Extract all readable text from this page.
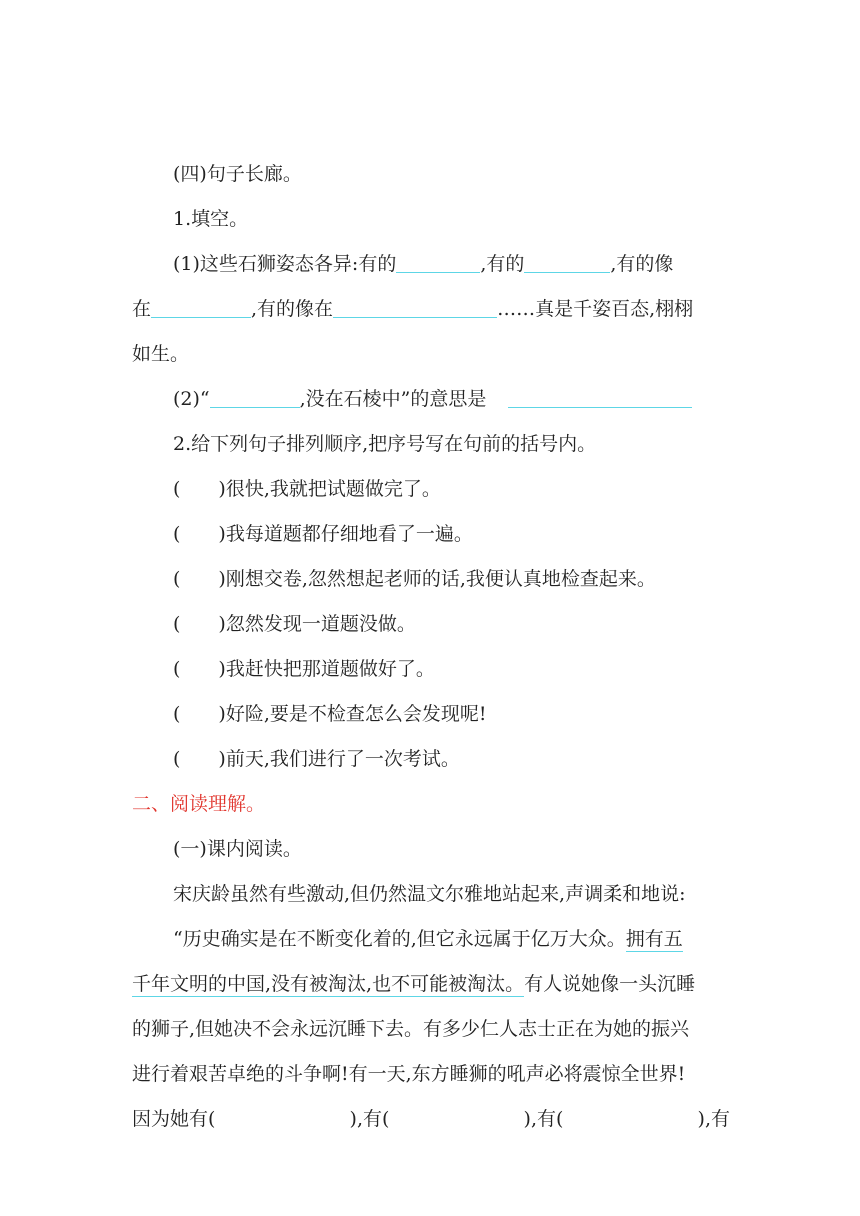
(四)句子长廊。
1.填空。
(1)这些石狮姿态各异:有的	,有的	,有的像
在	,有的像在	……真是千姿百态,栩栩
如生。
(2)“	,没在石棱中”的意思是
2.给下列句子排列顺序,把序号写在句前的括号内。
( )很快,我就把试题做完了。
( )我每道题都仔细地看了一遍。
( )刚想交卷,忽然想起老师的话,我便认真地检查起来。
( )忽然发现一道题没做。
( )我赶快把那道题做好了。
( )好险,要是不检查怎么会发现呢!
( )前天,我们进行了一次考试。
二、阅读理解。
(一)课内阅读。
宋庆龄虽然有些激动,但仍然温文尔雅地站起来,声调柔和地说:
“历史确实是在不断变化着的,但它永远属于亿万大众。拥有五
千年文明的中国,没有被淘汰,也不可能被淘汰。有人说她像一头沉睡
的狮子,但她决不会永远沉睡下去。有多少仁人志士正在为她的振兴
进行着艰苦卓绝的斗争啊!有一天,东方睡狮的吼声必将震惊全世界!
因为她有(	),有(	),有(	),有
